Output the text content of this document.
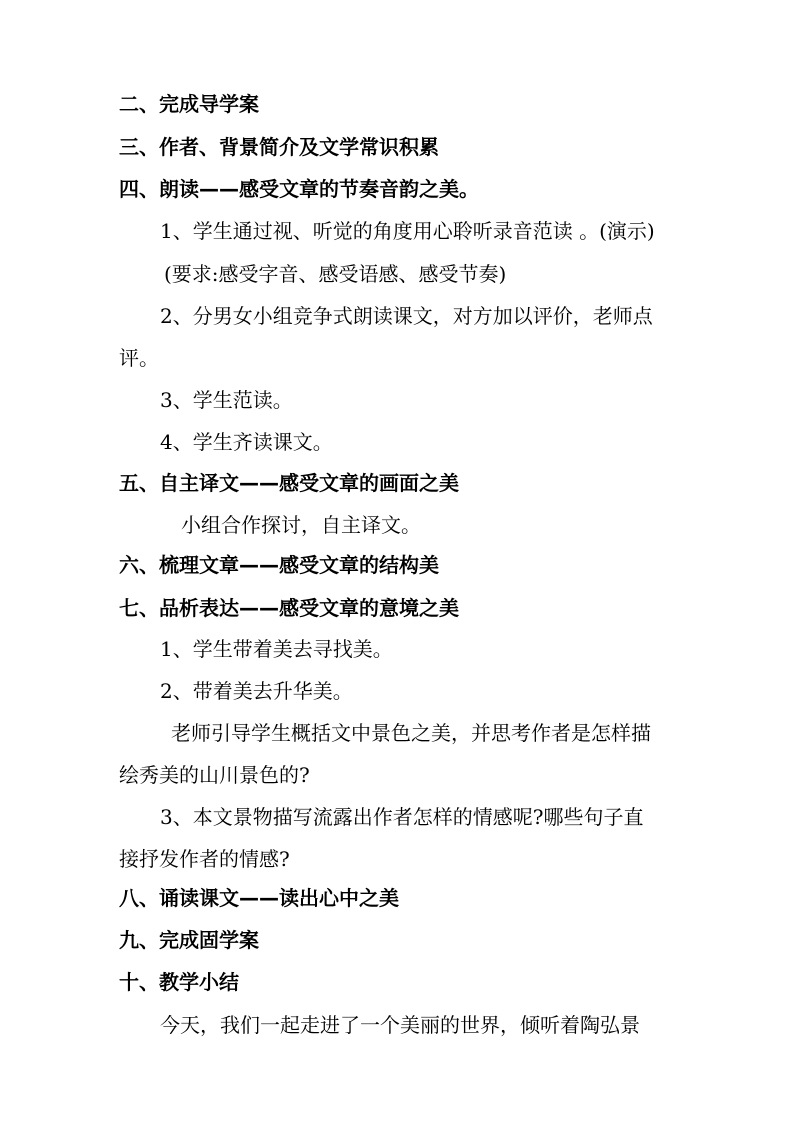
二、完成导学案
三、作者、背景简介及文学常识积累
四、朗读——感受文章的节奏音韵之美。
1、学生通过视、听觉的角度用心聆听录音范读 。(演示)
(要求:感受字音、感受语感、感受节奏)
2、分男女小组竞争式朗读课文，对方加以评价，老师点
评。
3、学生范读。
4、学生齐读课文。
五、自主译文——感受文章的画面之美
小组合作探讨，自主译文。
六、梳理文章——感受文章的结构美
七、品析表达——感受文章的意境之美
1、学生带着美去寻找美。
2、带着美去升华美。
老师引导学生概括文中景色之美，并思考作者是怎样描
绘秀美的山川景色的?
3、本文景物描写流露出作者怎样的情感呢?哪些句子直
接抒发作者的情感?
八、诵读课文——读出心中之美
九、完成固学案
十、教学小结
今天，我们一起走进了一个美丽的世界，倾听着陶弘景
